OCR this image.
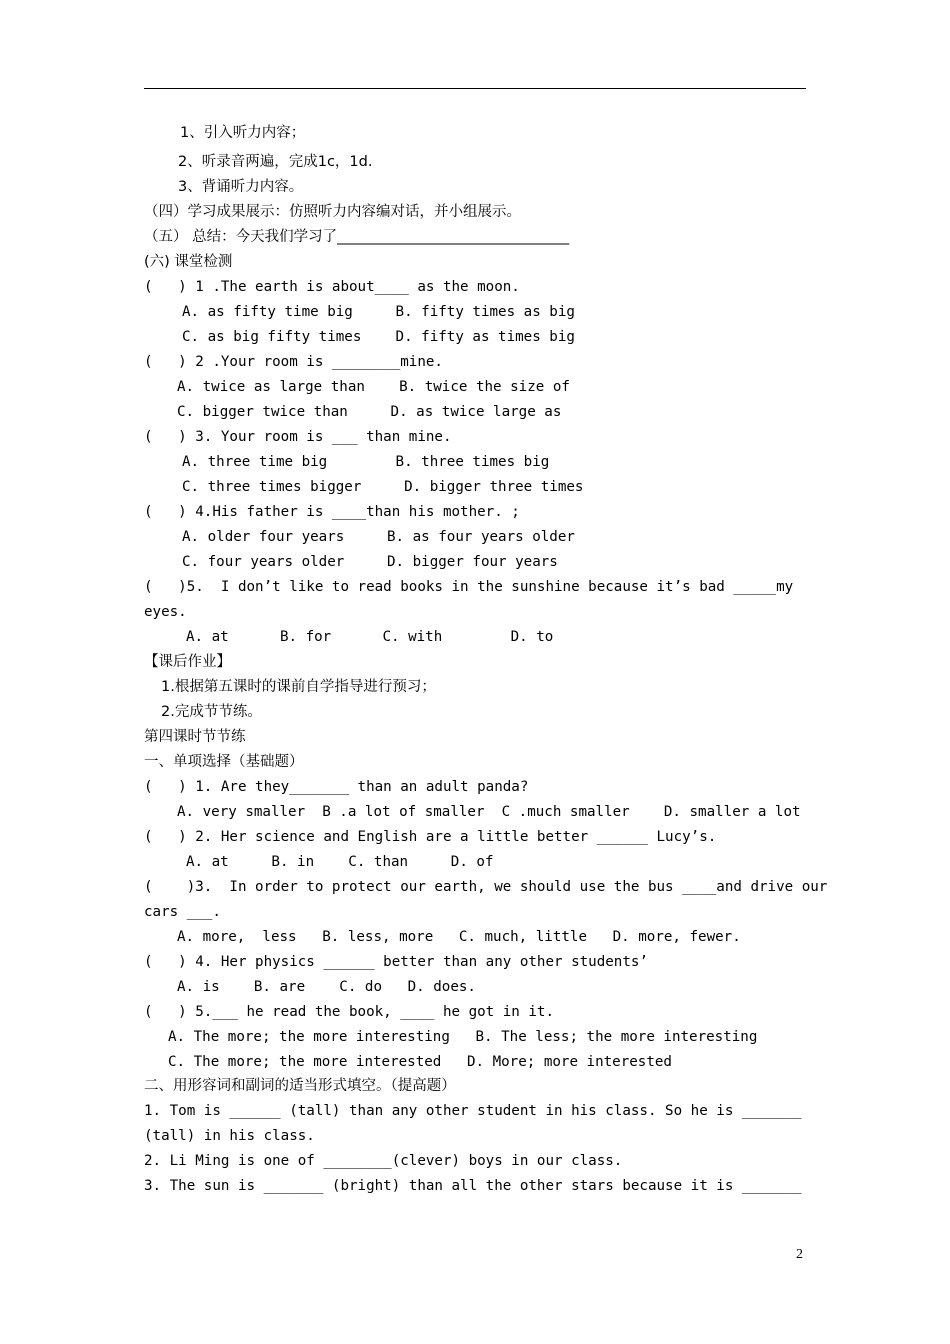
1、引入听力内容；
2、听录音两遍，完成1c，1d.
3、背诵听力内容。
（四）学习成果展示：仿照听力内容编对话，并小组展示。
（五） 总结：今天我们学习了________________________________
(六) 课堂检测
(   ) 1 .The earth is about____ as the moon.
A. as fifty time big     B. fifty times as big
C. as big fifty times    D. fifty as times big
(   ) 2 .Your room is ________mine.
A. twice as large than    B. twice the size of
C. bigger twice than     D. as twice large as
(   ) 3. Your room is ___ than mine.
A. three time big        B. three times big
C. three times bigger     D. bigger three times
(   ) 4.His father is ____than his mother. ;
A. older four years     B. as four years older
C. four years older     D. bigger four years
(   )5.  I don’t like to read books in the sunshine because it’s bad _____my
eyes.
A. at      B. for      C. with        D. to
【课后作业】
1.根据第五课时的课前自学指导进行预习；
2.完成节节练。
第四课时节节练
一、单项选择（基础题）
(   ) 1. Are they_______ than an adult panda?
A. very smaller  B .a lot of smaller  C .much smaller    D. smaller a lot
(   ) 2. Her science and English are a little better ______ Lucy’s.
A. at     B. in    C. than     D. of
(    )3.  In order to protect our earth, we should use the bus ____and drive our
cars ___.
A. more,  less   B. less, more   C. much, little   D. more, fewer.
(   ) 4. Her physics ______ better than any other students’
A. is    B. are    C. do   D. does.
(   ) 5.___ he read the book, ____ he got in it.
A. The more; the more interesting   B. The less; the more interesting
C. The more; the more interested   D. More; more interested
二、用形容词和副词的适当形式填空。（提高题）
1. Tom is ______ (tall) than any other student in his class. So he is _______
(tall) in his class.
2. Li Ming is one of ________(clever) boys in our class.
3. The sun is _______ (bright) than all the other stars because it is _______
2
